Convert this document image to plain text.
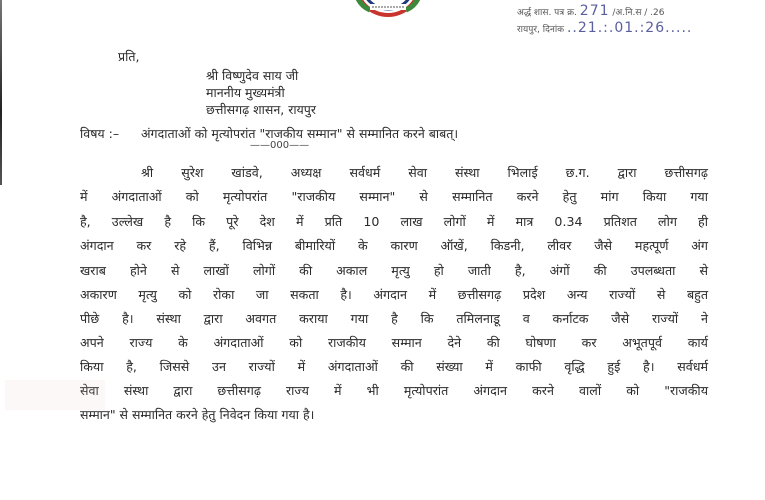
अर्द्ध शास. पत्र क्र. 271 /अ.नि.स / .26
रायपुर, दिनांक ..21.:.01.:26.....
प्रति,
श्री विष्णुदेव साय जी
माननीय मुख्यमंत्री
छत्तीसगढ़ शासन, रायपुर
विषय :– अंगदाताओं को मृत्योपरांत "राजकीय सम्मान" से सम्मानित करने बाबत्।
——000——
श्री सुरेश खांडवे, अध्यक्ष सर्वधर्म सेवा संस्था भिलाई छ.ग. द्वारा छत्तीसगढ़
में अंगदाताओं को मृत्योपरांत "राजकीय सम्मान" से सम्मानित करने हेतु मांग किया गया
है, उल्लेख है कि पूरे देश में प्रति 10 लाख लोगों में मात्र 0.34 प्रतिशत लोग ही
अंगदान कर रहे हैं, विभिन्न बीमारियों के कारण ऑखें, किडनी, लीवर जैसे महत्पूर्ण अंग
खराब होने से लाखों लोगों की अकाल मृत्यु हो जाती है, अंगों की उपलब्धता से
अकारण मृत्यु को रोका जा सकता है। अंगदान में छत्तीसगढ़ प्रदेश अन्य राज्यों से बहुत
पीछे है। संस्था द्वारा अवगत कराया गया है कि तमिलनाडू व कर्नाटक जैसे राज्यों ने
अपने राज्य के अंगदाताओं को राजकीय सम्मान देने की घोषणा कर अभूतपूर्व कार्य
किया है, जिससे उन राज्यों में अंगदाताओं की संख्या में काफी वृद्धि हुई है। सर्वधर्म
सेवा संस्था द्वारा छत्तीसगढ़ राज्य में भी मृत्योपरांत अंगदान करने वालों को "राजकीय
सम्मान" से सम्मानित करने हेतु निवेदन किया गया है।
